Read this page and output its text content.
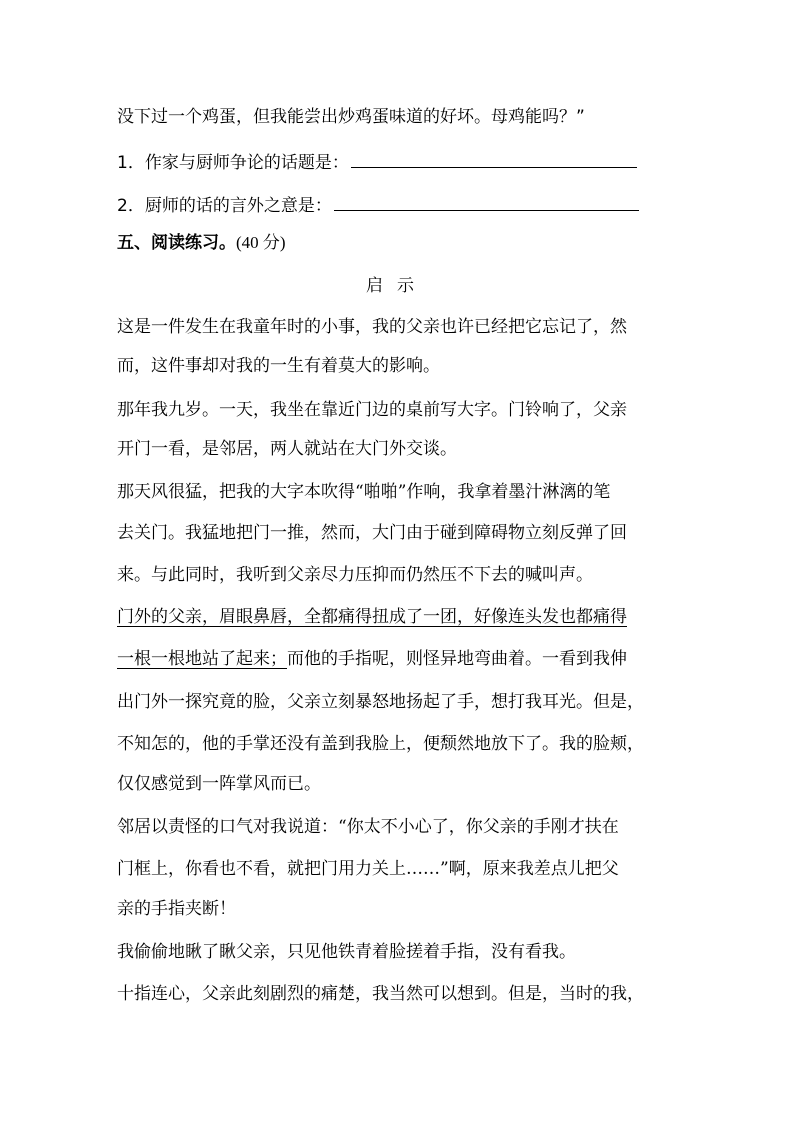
没下过一个鸡蛋，但我能尝出炒鸡蛋味道的好坏。母鸡能吗？”
1．作家与厨师争论的话题是：
2．厨师的话的言外之意是：
五、阅读练习。(40 分)
启示
这是一件发生在我童年时的小事，我的父亲也许已经把它忘记了，然
而，这件事却对我的一生有着莫大的影响。
那年我九岁。一天，我坐在靠近门边的桌前写大字。门铃响了，父亲
开门一看，是邻居，两人就站在大门外交谈。
那天风很猛，把我的大字本吹得“啪啪”作响，我拿着墨汁淋漓的笔
去关门。我猛地把门一推，然而，大门由于碰到障碍物立刻反弹了回
来。与此同时，我听到父亲尽力压抑而仍然压不下去的喊叫声。
门外的父亲，眉眼鼻唇，全都痛得扭成了一团，好像连头发也都痛得
一根一根地站了起来；而他的手指呢，则怪异地弯曲着。一看到我伸
出门外一探究竟的脸，父亲立刻暴怒地扬起了手，想打我耳光。但是，
不知怎的，他的手掌还没有盖到我脸上，便颓然地放下了。我的脸颊，
仅仅感觉到一阵掌风而已。
邻居以责怪的口气对我说道：“你太不小心了，你父亲的手刚才扶在
门框上，你看也不看，就把门用力关上……”啊，原来我差点儿把父
亲的手指夹断！
我偷偷地瞅了瞅父亲，只见他铁青着脸搓着手指，没有看我。
十指连心，父亲此刻剧烈的痛楚，我当然可以想到。但是，当时的我，
